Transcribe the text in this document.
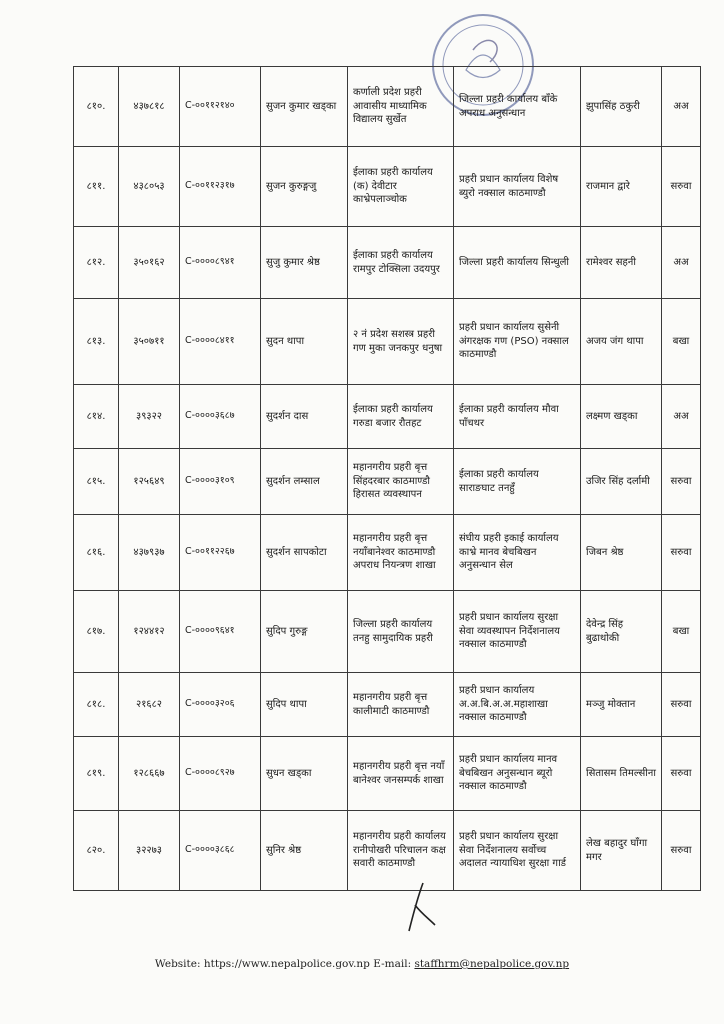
८१०.	४३७८१८	C-००११२१४०	सुजन कुमार खड्का	कर्णाली प्रदेश प्रहरी आवासीय माध्यामिक विद्यालय सुर्खेत	जिल्ला प्रहरी कार्यालय बाँके अपराध अनुसन्धान	झुपासिंह ठकुरी	अअ
८११.	४३८०५३	C-००११२३१७	सुजन कुरुङ्गजु	ईलाका प्रहरी कार्यालय (क) देवीटार काभ्रेपलाञ्चोक	प्रहरी प्रधान कार्यालय विशेष ब्युरो नक्साल काठमाण्डौ	राजमान द्वारे	सरुवा
८१२.	३५०१६२	C-००००८९४१	सुजु कुमार श्रेष्ठ	ईलाका प्रहरी कार्यालय रामपुर टोक्सिला उदयपुर	जिल्ला प्रहरी कार्यालय सिन्धुली	रामेश्वर सहनी	अअ
८१३.	३५०७११	C-००००८४११	सुदन थापा	२ नं प्रदेश सशस्त्र प्रहरी गण मुका जनकपुर धनुषा	प्रहरी प्रधान कार्यालय सुसेनी अंगरक्षक गण (PSO) नक्साल काठमाण्डौ	अजय जंग थापा	बखा
८१४.	३९३२२	C-००००३६८७	सुदर्शन दास	ईलाका प्रहरी कार्यालय गरुडा बजार रौतहट	ईलाका प्रहरी कार्यालय मौवा पाँचथर	लक्ष्मण खड्का	अअ
८१५.	१२५६४९	C-००००३१०९	सुदर्शन लम्साल	महानगरीय प्रहरी बृत्त सिंहदरबार काठमाण्डौ हिरासत व्यवस्थापन	ईलाका प्रहरी कार्यालय साराङघाट तनहुँ	उजिर सिंह दर्लामी	सरुवा
८१६.	४३७९३७	C-००११२२६७	सुदर्शन सापकोटा	महानगरीय प्रहरी बृत्त नयाँबानेश्वर काठमाण्डौ अपराध नियन्त्रण शाखा	संघीय प्रहरी इकाई कार्यालय काभ्रे मानव बेचबिखन अनुसन्धान सेल	जिबन श्रेष्ठ	सरुवा
८१७.	१२४४१२	C-००००९६४१	सुदिप गुरुङ्ग	जिल्ला प्रहरी कार्यालय तनहु सामुदायिक प्रहरी	प्रहरी प्रधान कार्यालय सुरक्षा सेवा व्यवस्थापन निर्देशनालय नक्साल काठमाण्डौ	देवेन्द्र सिंह बुढाथोकी	बखा
८१८.	२१६८२	C-००००३२०६	सुदिप थापा	महानगरीय प्रहरी बृत्त कालीमाटी काठमाण्डौ	प्रहरी प्रधान कार्यालय अ.अ.बि.अ.अ.महाशाखा नक्साल काठमाण्डौ	मञ्जु मोक्तान	सरुवा
८१९.	१२८६६७	C-००००८९२७	सुधन खड्का	महानगरीय प्रहरी बृत्त नयाँ बानेश्वर जनसम्पर्क शाखा	प्रहरी प्रधान कार्यालय मानव बेचबिखन अनुसन्धान ब्यूरो नक्साल काठमाण्डौ	सितासम तिमल्सीना	सरुवा
८२०.	३२२७३	C-००००३८६८	सुनिर श्रेष्ठ	महानगरीय प्रहरी कार्यालय रानीपोखरी परिचालन कक्ष सवारी काठमाण्डौ	प्रहरी प्रधान कार्यालय सुरक्षा सेवा निर्देशनालय सर्वोच्च अदालत न्यायाधिश सुरक्षा गार्ड	लेख बहादुर घाँगा मगर	सरुवा
Website: https://www.nepalpolice.gov.np E-mail: staffhrm@nepalpolice.gov.np
